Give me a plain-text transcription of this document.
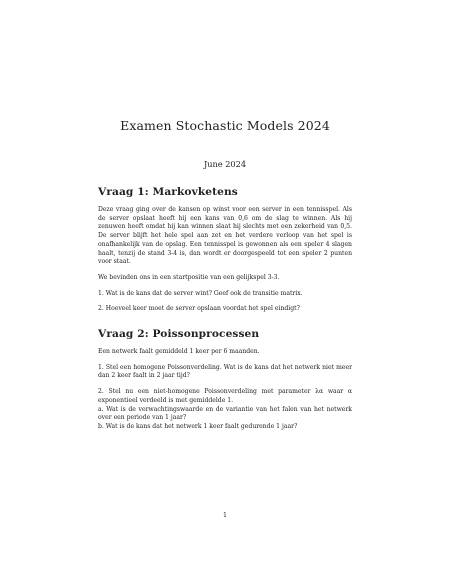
Examen Stochastic Models 2024
June 2024
Vraag 1: Markovketens

Deze vraag ging over de kansen op winst voor een server in een tennisspel. Als de server opslaat heeft hij een kans van 0,6 om de slag te winnen. Als hij zenuwen heeft omdat hij kan winnen slaat hij slechts met een zekerheid van 0,5. De server blijft het hele spel aan zet en het verdere verloop van het spel is onafhankelijk van de opslag. Een tennisspel is gewonnen als een speler 4 slagen haalt, tenzij de stand 3-4 is, dan wordt er doorgespeeld tot een speler 2 punten voor staat.

We bevinden ons in een startpositie van een gelijkspel 3-3.

1. Wat is de kans dat de server wint? Geef ook de transitie matrix.

2. Hoeveel keer moet de server opslaan voordat het spel eindigt?

Vraag 2: Poissonprocessen

Een netwerk faalt gemiddeld 1 keer per 6 maanden.

1. Stel een homogene Poissonverdeling. Wat is de kans dat het netwerk niet meer dan 2 keer faalt in 2 jaar tijd?

2. Stel nu een niet-homogene Poissonverdeling met parameter λα waar α exponentieel verdeeld is met gemiddelde 1.
a. Wat is de verwachtingswaarde en de variantie van het falen van het netwerk over een periode van 1 jaar?
b. Wat is de kans dat het netwerk 1 keer faalt gedurende 1 jaar?

1
